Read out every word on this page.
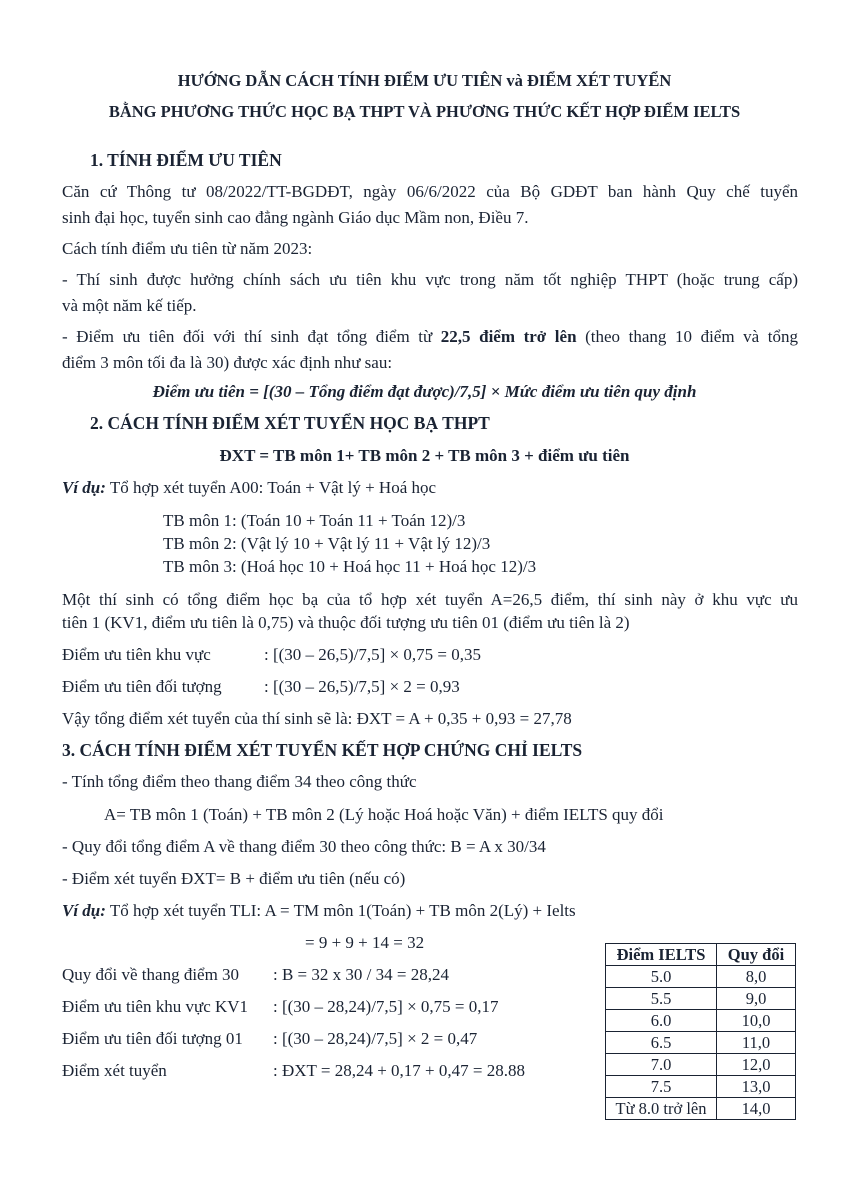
HƯỚNG DẪN CÁCH TÍNH ĐIỂM ƯU TIÊN và ĐIỂM XÉT TUYỂN
BẰNG PHƯƠNG THỨC HỌC BẠ THPT VÀ PHƯƠNG THỨC KẾT HỢP ĐIỂM IELTS
1. TÍNH ĐIỂM ƯU TIÊN
Căn cứ Thông tư 08/2022/TT-BGDĐT, ngày 06/6/2022 của Bộ GDĐT ban hành Quy chế tuyển
sinh đại học, tuyển sinh cao đẳng ngành Giáo dục Mầm non, Điều 7.
Cách tính điểm ưu tiên từ năm 2023:
- Thí sinh được hưởng chính sách ưu tiên khu vực trong năm tốt nghiệp THPT (hoặc trung cấp)
và một năm kế tiếp.
- Điểm ưu tiên đối với thí sinh đạt tổng điểm từ 22,5 điểm trở lên (theo thang 10 điểm và tổng
điểm 3 môn tối đa là 30) được xác định như sau:
Điểm ưu tiên = [(30 – Tổng điểm đạt được)/7,5] × Mức điểm ưu tiên quy định
2. CÁCH TÍNH ĐIỂM XÉT TUYỂN HỌC BẠ THPT
ĐXT = TB môn 1+ TB môn 2 + TB môn 3 + điểm ưu tiên
Ví dụ: Tổ hợp xét tuyển A00: Toán + Vật lý + Hoá học
TB môn 1: (Toán 10 + Toán 11 + Toán 12)/3
TB môn 2: (Vật lý 10 + Vật lý 11 + Vật lý 12)/3
TB môn 3: (Hoá học 10 + Hoá học 11 + Hoá học 12)/3
Một thí sinh có tổng điểm học bạ của tổ hợp xét tuyển A=26,5 điểm, thí sinh này ở khu vực ưu
tiên 1 (KV1, điểm ưu tiên là 0,75) và thuộc đối tượng ưu tiên 01 (điểm ưu tiên là 2)
Điểm ưu tiên khu vực	: [(30 – 26,5)/7,5] × 0,75 = 0,35
Điểm ưu tiên đối tượng : [(30 – 26,5)/7,5] × 2 = 0,93
Vậy tổng điểm xét tuyển của thí sinh sẽ là: ĐXT = A + 0,35 + 0,93 = 27,78
3. CÁCH TÍNH ĐIỂM XÉT TUYỂN KẾT HỢP CHỨNG CHỈ IELTS
- Tính tổng điểm theo thang điểm 34 theo công thức
A= TB môn 1 (Toán) + TB môn 2 (Lý hoặc Hoá hoặc Văn) + điểm IELTS quy đổi
- Quy đổi tổng điểm A về thang điểm 30 theo công thức: B = A x 30/34
- Điểm xét tuyển ĐXT= B + điểm ưu tiên (nếu có)
Ví dụ: Tổ hợp xét tuyển TLI: A = TM môn 1(Toán) + TB môn 2(Lý) + Ielts
= 9 + 9 + 14 = 32
Quy đổi về thang điểm 30 : B = 32 x 30 / 34 = 28,24
Điểm ưu tiên khu vực KV1 : [(30 – 28,24)/7,5] × 0,75 = 0,17
Điểm ưu tiên đối tượng 01 : [(30 – 28,24)/7,5] × 2 = 0,47
Điểm xét tuyển	: ĐXT = 28,24 + 0,17 + 0,47 = 28.88
Điểm IELTS	Quy đổi
5.0	8,0
5.5	9,0
6.0	10,0
6.5	11,0
7.0	12,0
7.5	13,0
Từ 8.0 trở lên	14,0
